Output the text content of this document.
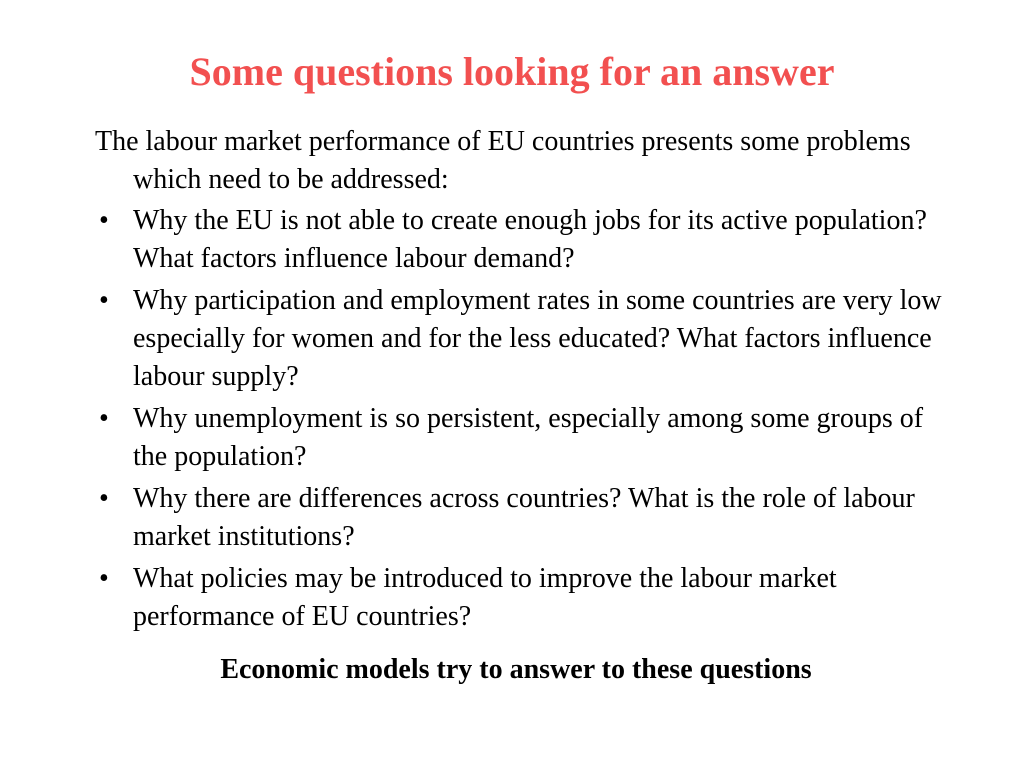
Some questions looking for an answer

The labour market performance of EU countries presents some problems which need to be addressed:

• Why the EU is not able to create enough jobs for its active population? What factors influence labour demand?
• Why participation and employment rates in some countries are very low especially for women and for the less educated? What factors influence labour supply?
• Why unemployment is so persistent, especially among some groups of the population?
• Why there are differences across countries? What is the role of labour market institutions?
• What policies may be introduced to improve the labour market performance of EU countries?
Economic models try to answer to these questions
